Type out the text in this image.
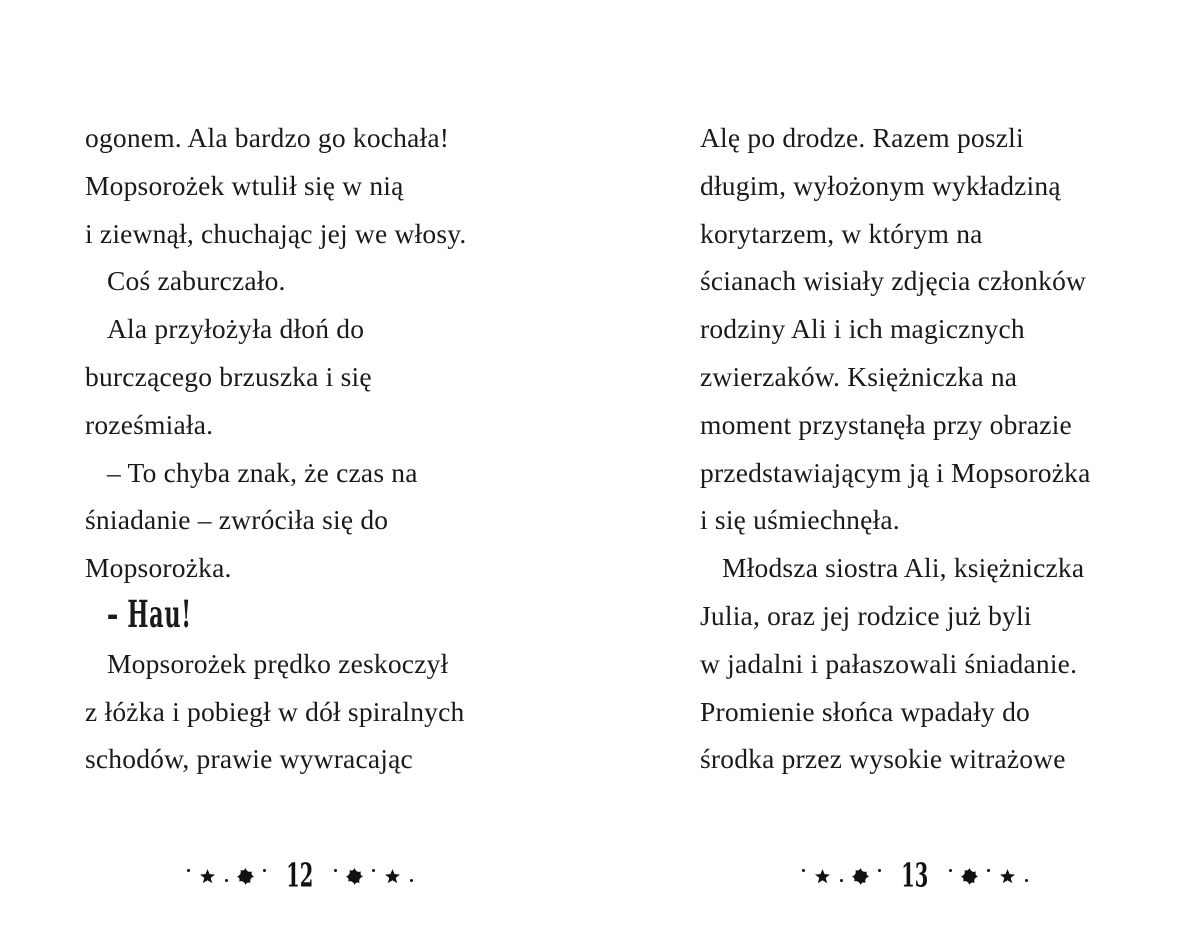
ogonem. Ala bardzo go kochała!
Mopsorożek wtulił się w nią
i ziewnął, chuchając jej we włosy.
Coś zaburczało.
Ala przyłożyła dłoń do
burczącego brzuszka i się
roześmiała.
– To chyba znak, że czas na
śniadanie – zwróciła się do
Mopsorożka.
– Hau!
Mopsorożek prędko zeskoczył
z łóżka i pobiegł w dół spiralnych
schodów, prawie wywracając
Alę po drodze. Razem poszli
długim, wyłożonym wykładziną
korytarzem, w którym na
ścianach wisiały zdjęcia członków
rodziny Ali i ich magicznych
zwierzaków. Księżniczka na
moment przystanęła przy obrazie
przedstawiającym ją i Mopsorożka
i się uśmiechnęła.
Młodsza siostra Ali, księżniczka
Julia, oraz jej rodzice już byli
w jadalni i pałaszowali śniadanie.
Promienie słońca wpadały do
środka przez wysokie witrażowe
12	13
